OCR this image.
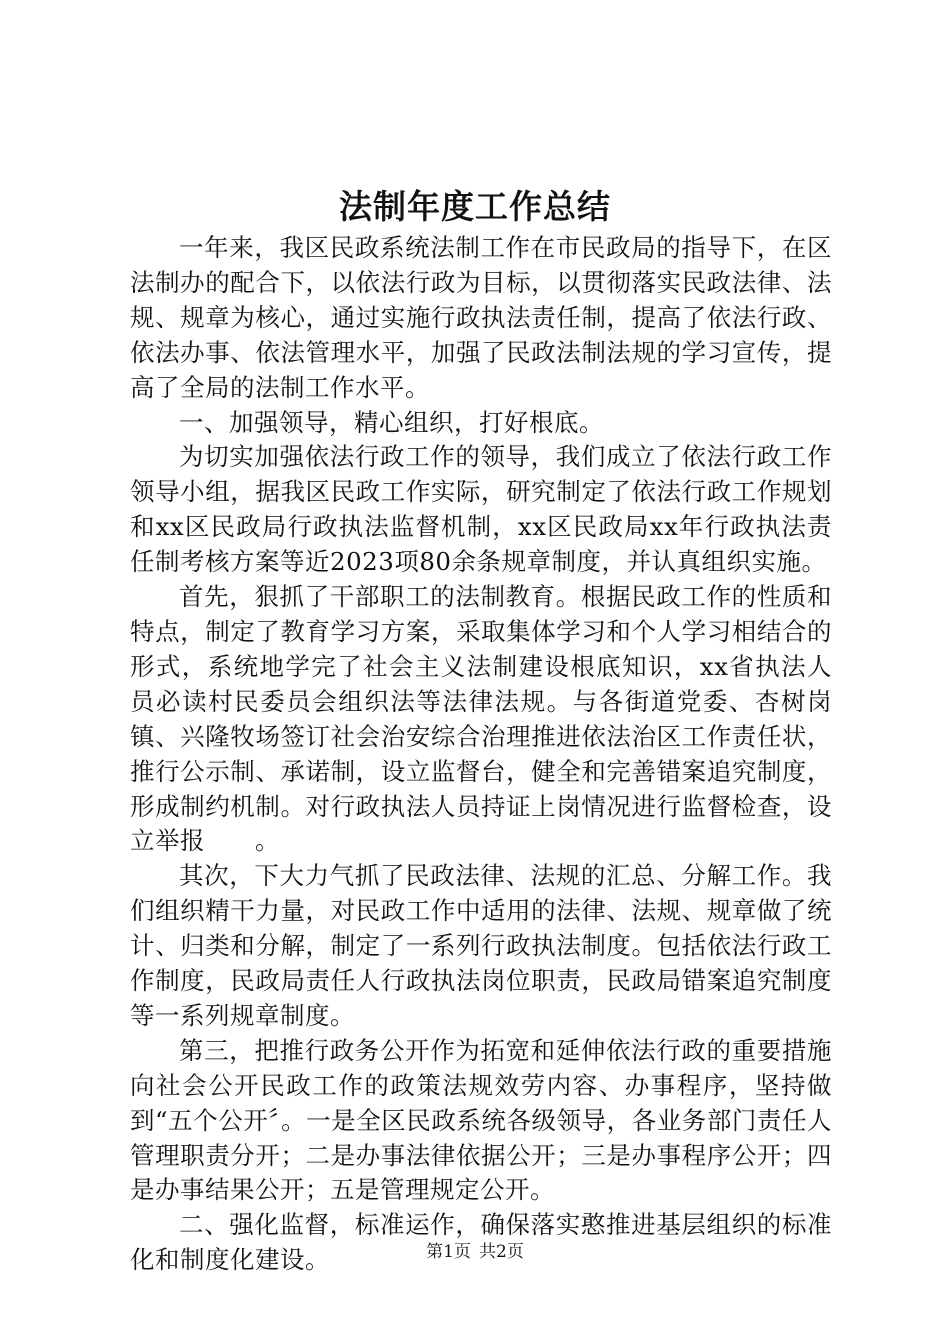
法制年度工作总结

一年来，我区民政系统法制工作在市民政局的指导下，在区法制办的配合下，以依法行政为目标，以贯彻落实民政法律、法规、规章为核心，通过实施行政执法责任制，提高了依法行政、依法办事、依法管理水平，加强了民政法制法规的学习宣传，提高了全局的法制工作水平。

一、加强领导，精心组织，打好根底。

为切实加强依法行政工作的领导，我们成立了依法行政工作领导小组，据我区民政工作实际，研究制定了依法行政工作规划和xx区民政局行政执法监督机制，xx区民政局xx年行政执法责任制考核方案等近2023项80余条规章制度，并认真组织实施。

首先，狠抓了干部职工的法制教育。根据民政工作的性质和特点，制定了教育学习方案，采取集体学习和个人学习相结合的形式，系统地学完了社会主义法制建设根底知识，xx省执法人员必读村民委员会组织法等法律法规。与各街道党委、杏树岗镇、兴隆牧场签订社会治安综合治理推进依法治区工作责任状，推行公示制、承诺制，设立监督台，健全和完善错案追究制度，形成制约机制。对行政执法人员持证上岗情况进行监督检查，设立举报　　。

其次，下大力气抓了民政法律、法规的汇总、分解工作。我们组织精干力量，对民政工作中适用的法律、法规、规章做了统计、归类和分解，制定了一系列行政执法制度。包括依法行政工作制度，民政局责任人行政执法岗位职责，民政局错案追究制度等一系列规章制度。

第三，把推行政务公开作为拓宽和延伸依法行政的重要措施向社会公开民政工作的政策法规效劳内容、办事程序，坚持做到“五个公开〞。一是全区民政系统各级领导，各业务部门责任人管理职责分开；二是办事法律依据公开；三是办事程序公开；四是办事结果公开；五是管理规定公开。

二、强化监督，标准运作，确保落实憨推进基层组织的标准化和制度化建设。	第1页 共2页
